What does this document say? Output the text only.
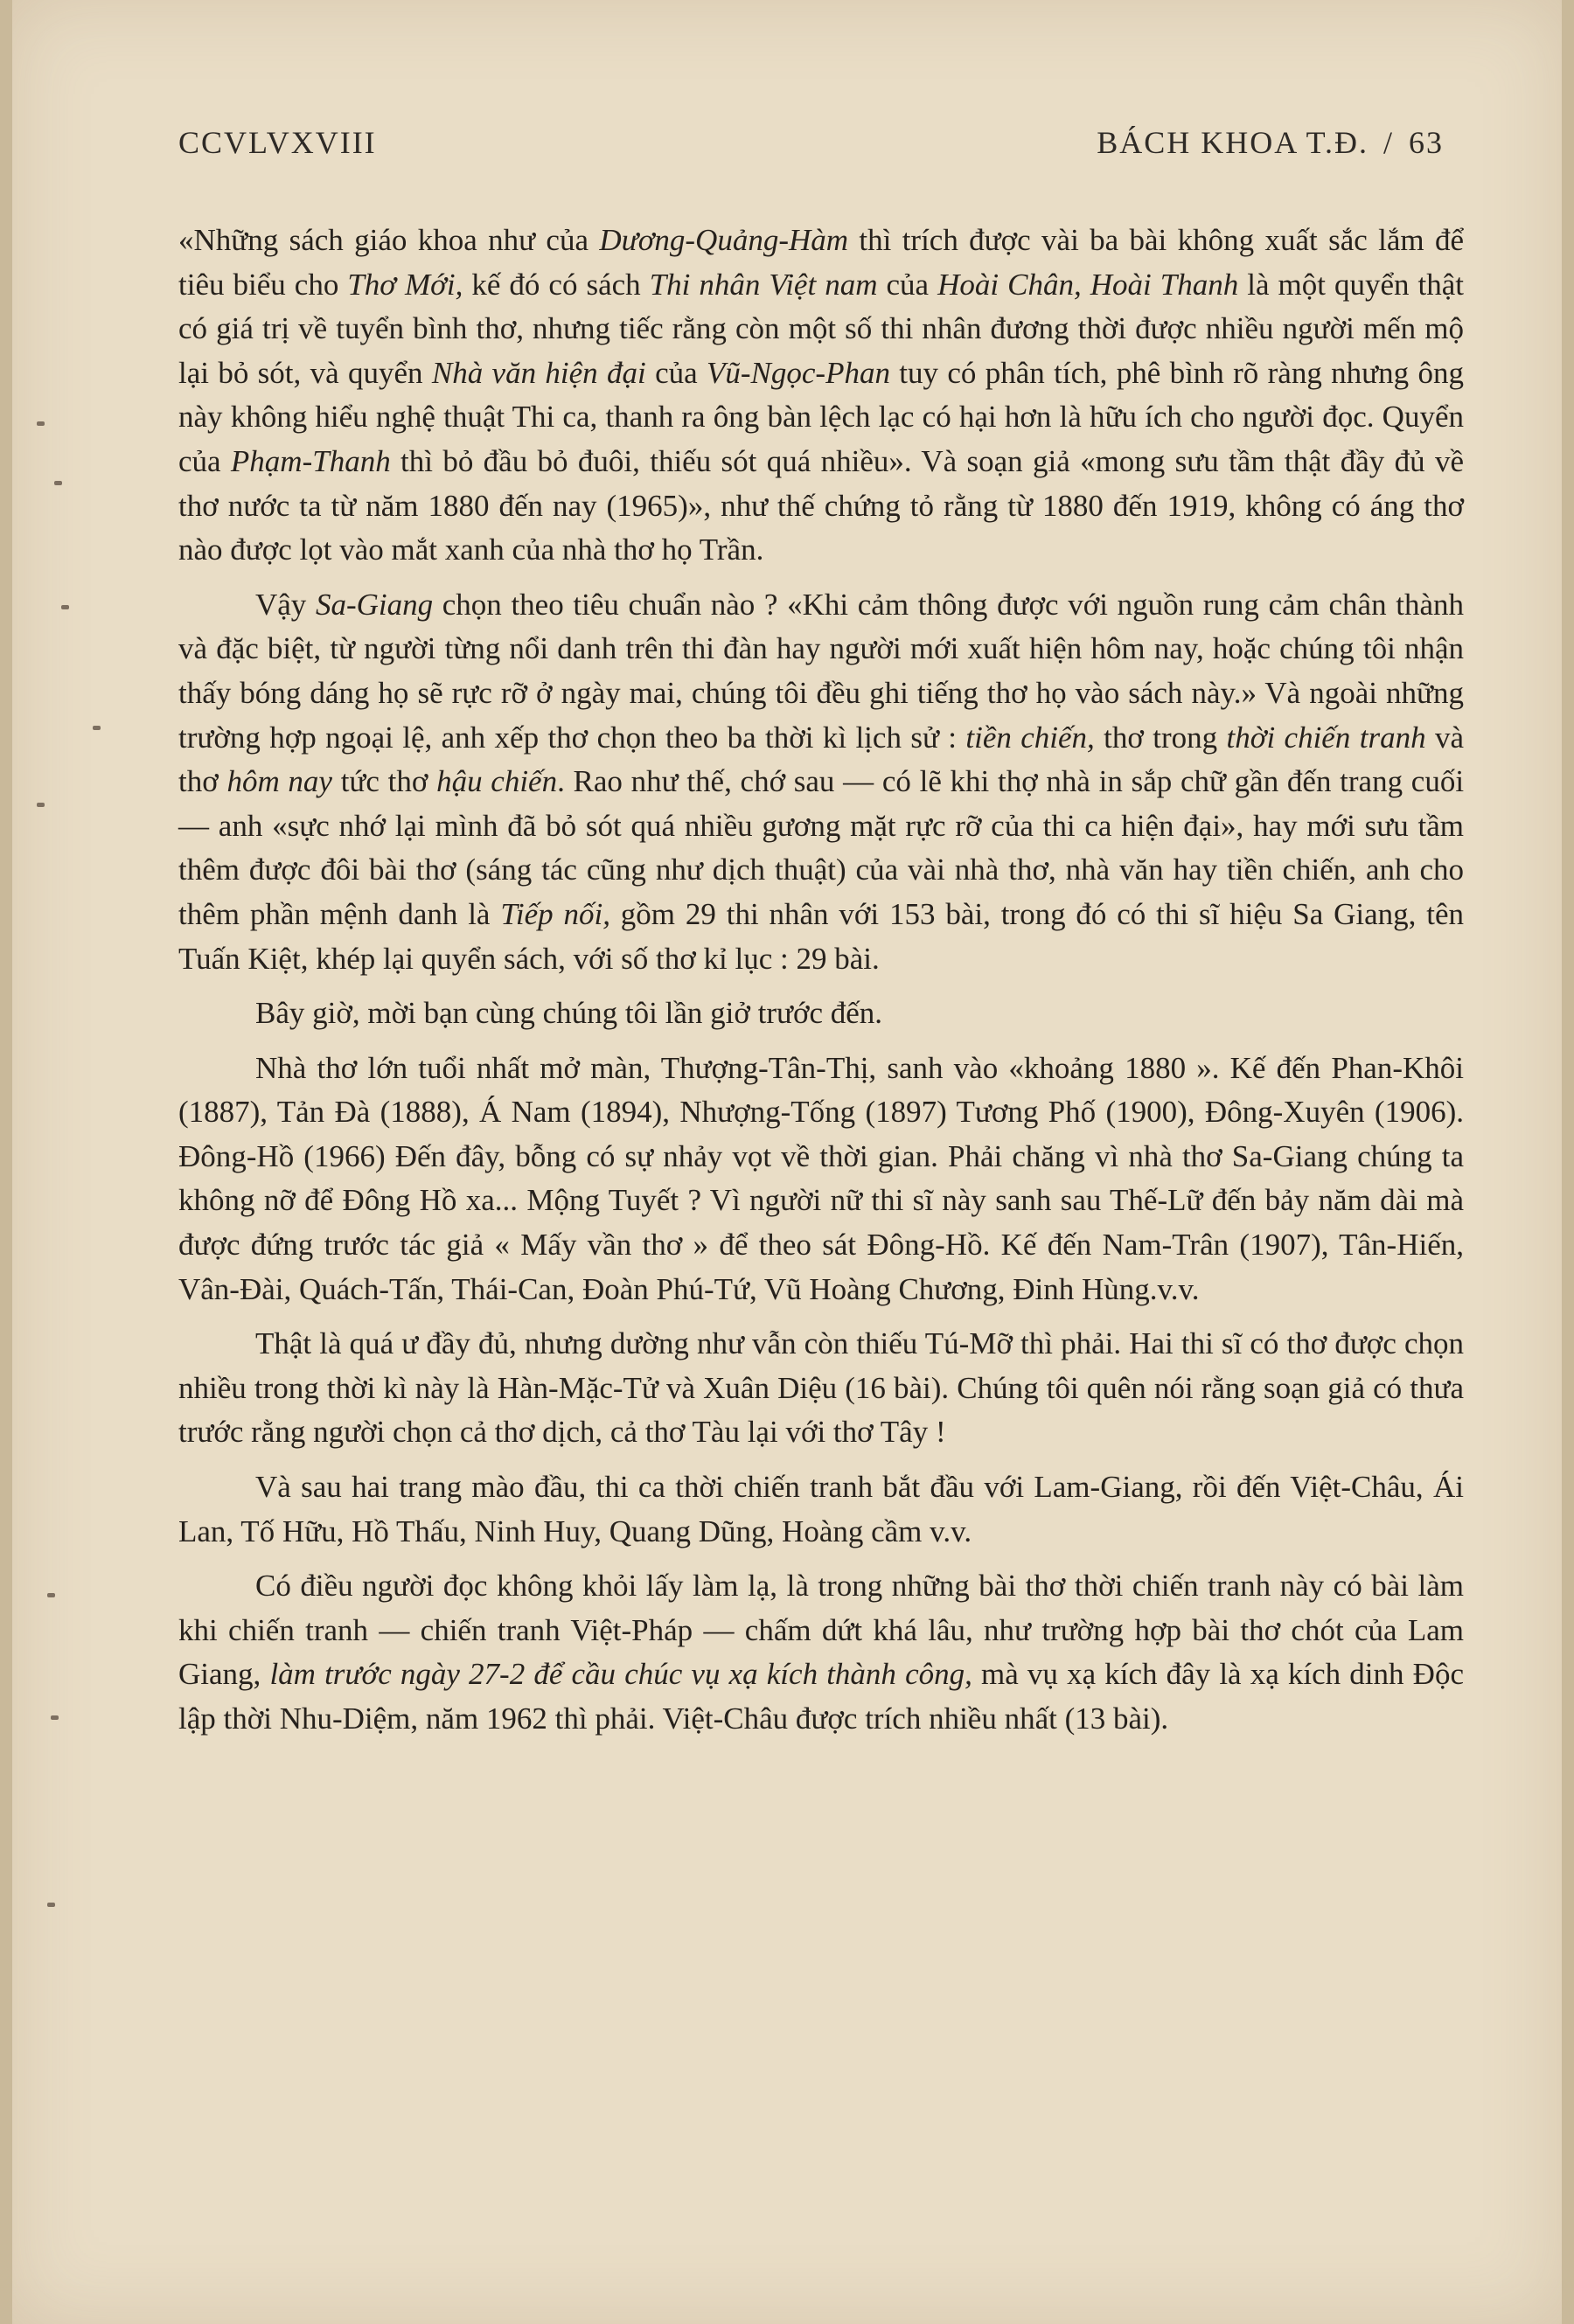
CCVLVXVIII	BÁCH KHOA T.Đ. / 63

«Những sách giáo khoa như của Dương-Quảng-Hàm thì trích được vài ba bài không xuất sắc lắm để tiêu biểu cho Thơ Mới, kế đó có sách Thi nhân Việt nam của Hoài Chân, Hoài Thanh là một quyển thật có giá trị về tuyển bình thơ, nhưng tiếc rằng còn một số thi nhân đương thời được nhiều người mến mộ lại bỏ sót, và quyển Nhà văn hiện đại của Vũ-Ngọc-Phan tuy có phân tích, phê bình rõ ràng nhưng ông này không hiểu nghệ thuật Thi ca, thanh ra ông bàn lệch lạc có hại hơn là hữu ích cho người đọc. Quyển của Phạm-Thanh thì bỏ đầu bỏ đuôi, thiếu sót quá nhiều». Và soạn giả «mong sưu tầm thật đầy đủ về thơ nước ta từ năm 1880 đến nay (1965)», như thế chứng tỏ rằng từ 1880 đến 1919, không có áng thơ nào được lọt vào mắt xanh của nhà thơ họ Trần.

Vậy Sa-Giang chọn theo tiêu chuẩn nào ? «Khi cảm thông được với nguồn rung cảm chân thành và đặc biệt, từ người từng nổi danh trên thi đàn hay người mới xuất hiện hôm nay, hoặc chúng tôi nhận thấy bóng dáng họ sẽ rực rỡ ở ngày mai, chúng tôi đều ghi tiếng thơ họ vào sách này.» Và ngoài những trường hợp ngoại lệ, anh xếp thơ chọn theo ba thời kì lịch sử : tiền chiến, thơ trong thời chiến tranh và thơ hôm nay tức thơ hậu chiến. Rao như thế, chớ sau — có lẽ khi thợ nhà in sắp chữ gần đến trang cuối — anh «sực nhớ lại mình đã bỏ sót quá nhiều gương mặt rực rỡ của thi ca hiện đại», hay mới sưu tầm thêm được đôi bài thơ (sáng tác cũng như dịch thuật) của vài nhà thơ, nhà văn hay tiền chiến, anh cho thêm phần mệnh danh là Tiếp nối, gồm 29 thi nhân với 153 bài, trong đó có thi sĩ hiệu Sa Giang, tên Tuấn Kiệt, khép lại quyển sách, với số thơ kỉ lục : 29 bài.

Bây giờ, mời bạn cùng chúng tôi lần giở trước đến.

Nhà thơ lớn tuổi nhất mở màn, Thượng-Tân-Thị, sanh vào «khoảng 1880 ». Kế đến Phan-Khôi (1887), Tản Đà (1888), Á Nam (1894), Nhượng-Tống (1897) Tương Phố (1900), Đông-Xuyên (1906). Đông-Hồ (1966) Đến đây, bỗng có sự nhảy vọt về thời gian. Phải chăng vì nhà thơ Sa-Giang chúng ta không nỡ để Đông Hồ xa... Mộng Tuyết ? Vì người nữ thi sĩ này sanh sau Thế-Lữ đến bảy năm dài mà được đứng trước tác giả « Mấy vần thơ » để theo sát Đông-Hồ. Kế đến Nam-Trân (1907), Tân-Hiến, Vân-Đài, Quách-Tấn, Thái-Can, Đoàn Phú-Tứ, Vũ Hoàng Chương, Đinh Hùng.v.v.

Thật là quá ư đầy đủ, nhưng dường như vẫn còn thiếu Tú-Mỡ thì phải. Hai thi sĩ có thơ được chọn nhiều trong thời kì này là Hàn-Mặc-Tử và Xuân Diệu (16 bài). Chúng tôi quên nói rằng soạn giả có thưa trước rằng người chọn cả thơ dịch, cả thơ Tàu lại với thơ Tây !

Và sau hai trang mào đầu, thi ca thời chiến tranh bắt đầu với Lam-Giang, rồi đến Việt-Châu, Ái Lan, Tố Hữu, Hồ Thấu, Ninh Huy, Quang Dũng, Hoàng cầm v.v.

Có điều người đọc không khỏi lấy làm lạ, là trong những bài thơ thời chiến tranh này có bài làm khi chiến tranh — chiến tranh Việt-Pháp — chấm dứt khá lâu, như trường hợp bài thơ chót của Lam Giang, làm trước ngày 27-2 để cầu chúc vụ xạ kích thành công, mà vụ xạ kích đây là xạ kích dinh Độc lập thời Nhu-Diệm, năm 1962 thì phải. Việt-Châu được trích nhiều nhất (13 bài).
